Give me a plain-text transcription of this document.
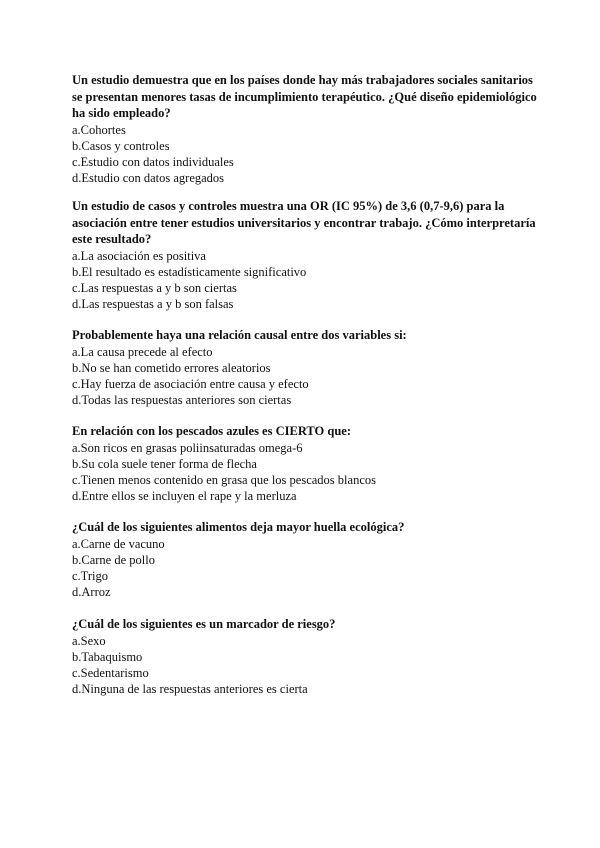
Un estudio demuestra que en los países donde hay más trabajadores sociales sanitarios se presentan menores tasas de incumplimiento terapéutico. ¿Qué diseño epidemiológico ha sido empleado?

a.Cohortes
b.Casos y controles
c.Estudio con datos individuales
d.Estudio con datos agregados

Un estudio de casos y controles muestra una OR (IC 95%) de 3,6 (0,7-9,6) para la asociación entre tener estudios universitarios y encontrar trabajo. ¿Cómo interpretaría este resultado?

a.La asociación es positiva
b.El resultado es estadísticamente significativo
c.Las respuestas a y b son ciertas
d.Las respuestas a y b son falsas

Probablemente haya una relación causal entre dos variables si:

a.La causa precede al efecto
b.No se han cometido errores aleatorios
c.Hay fuerza de asociación entre causa y efecto
d.Todas las respuestas anteriores son ciertas

En relación con los pescados azules es CIERTO que:

a.Son ricos en grasas poliinsaturadas omega-6
b.Su cola suele tener forma de flecha
c.Tienen menos contenido en grasa que los pescados blancos
d.Entre ellos se incluyen el rape y la merluza

¿Cuál de los siguientes alimentos deja mayor huella ecológica?

a.Carne de vacuno
b.Carne de pollo
c.Trigo
d.Arroz

¿Cuál de los siguientes es un marcador de riesgo?

a.Sexo
b.Tabaquismo
c.Sedentarismo
d.Ninguna de las respuestas anteriores es cierta
